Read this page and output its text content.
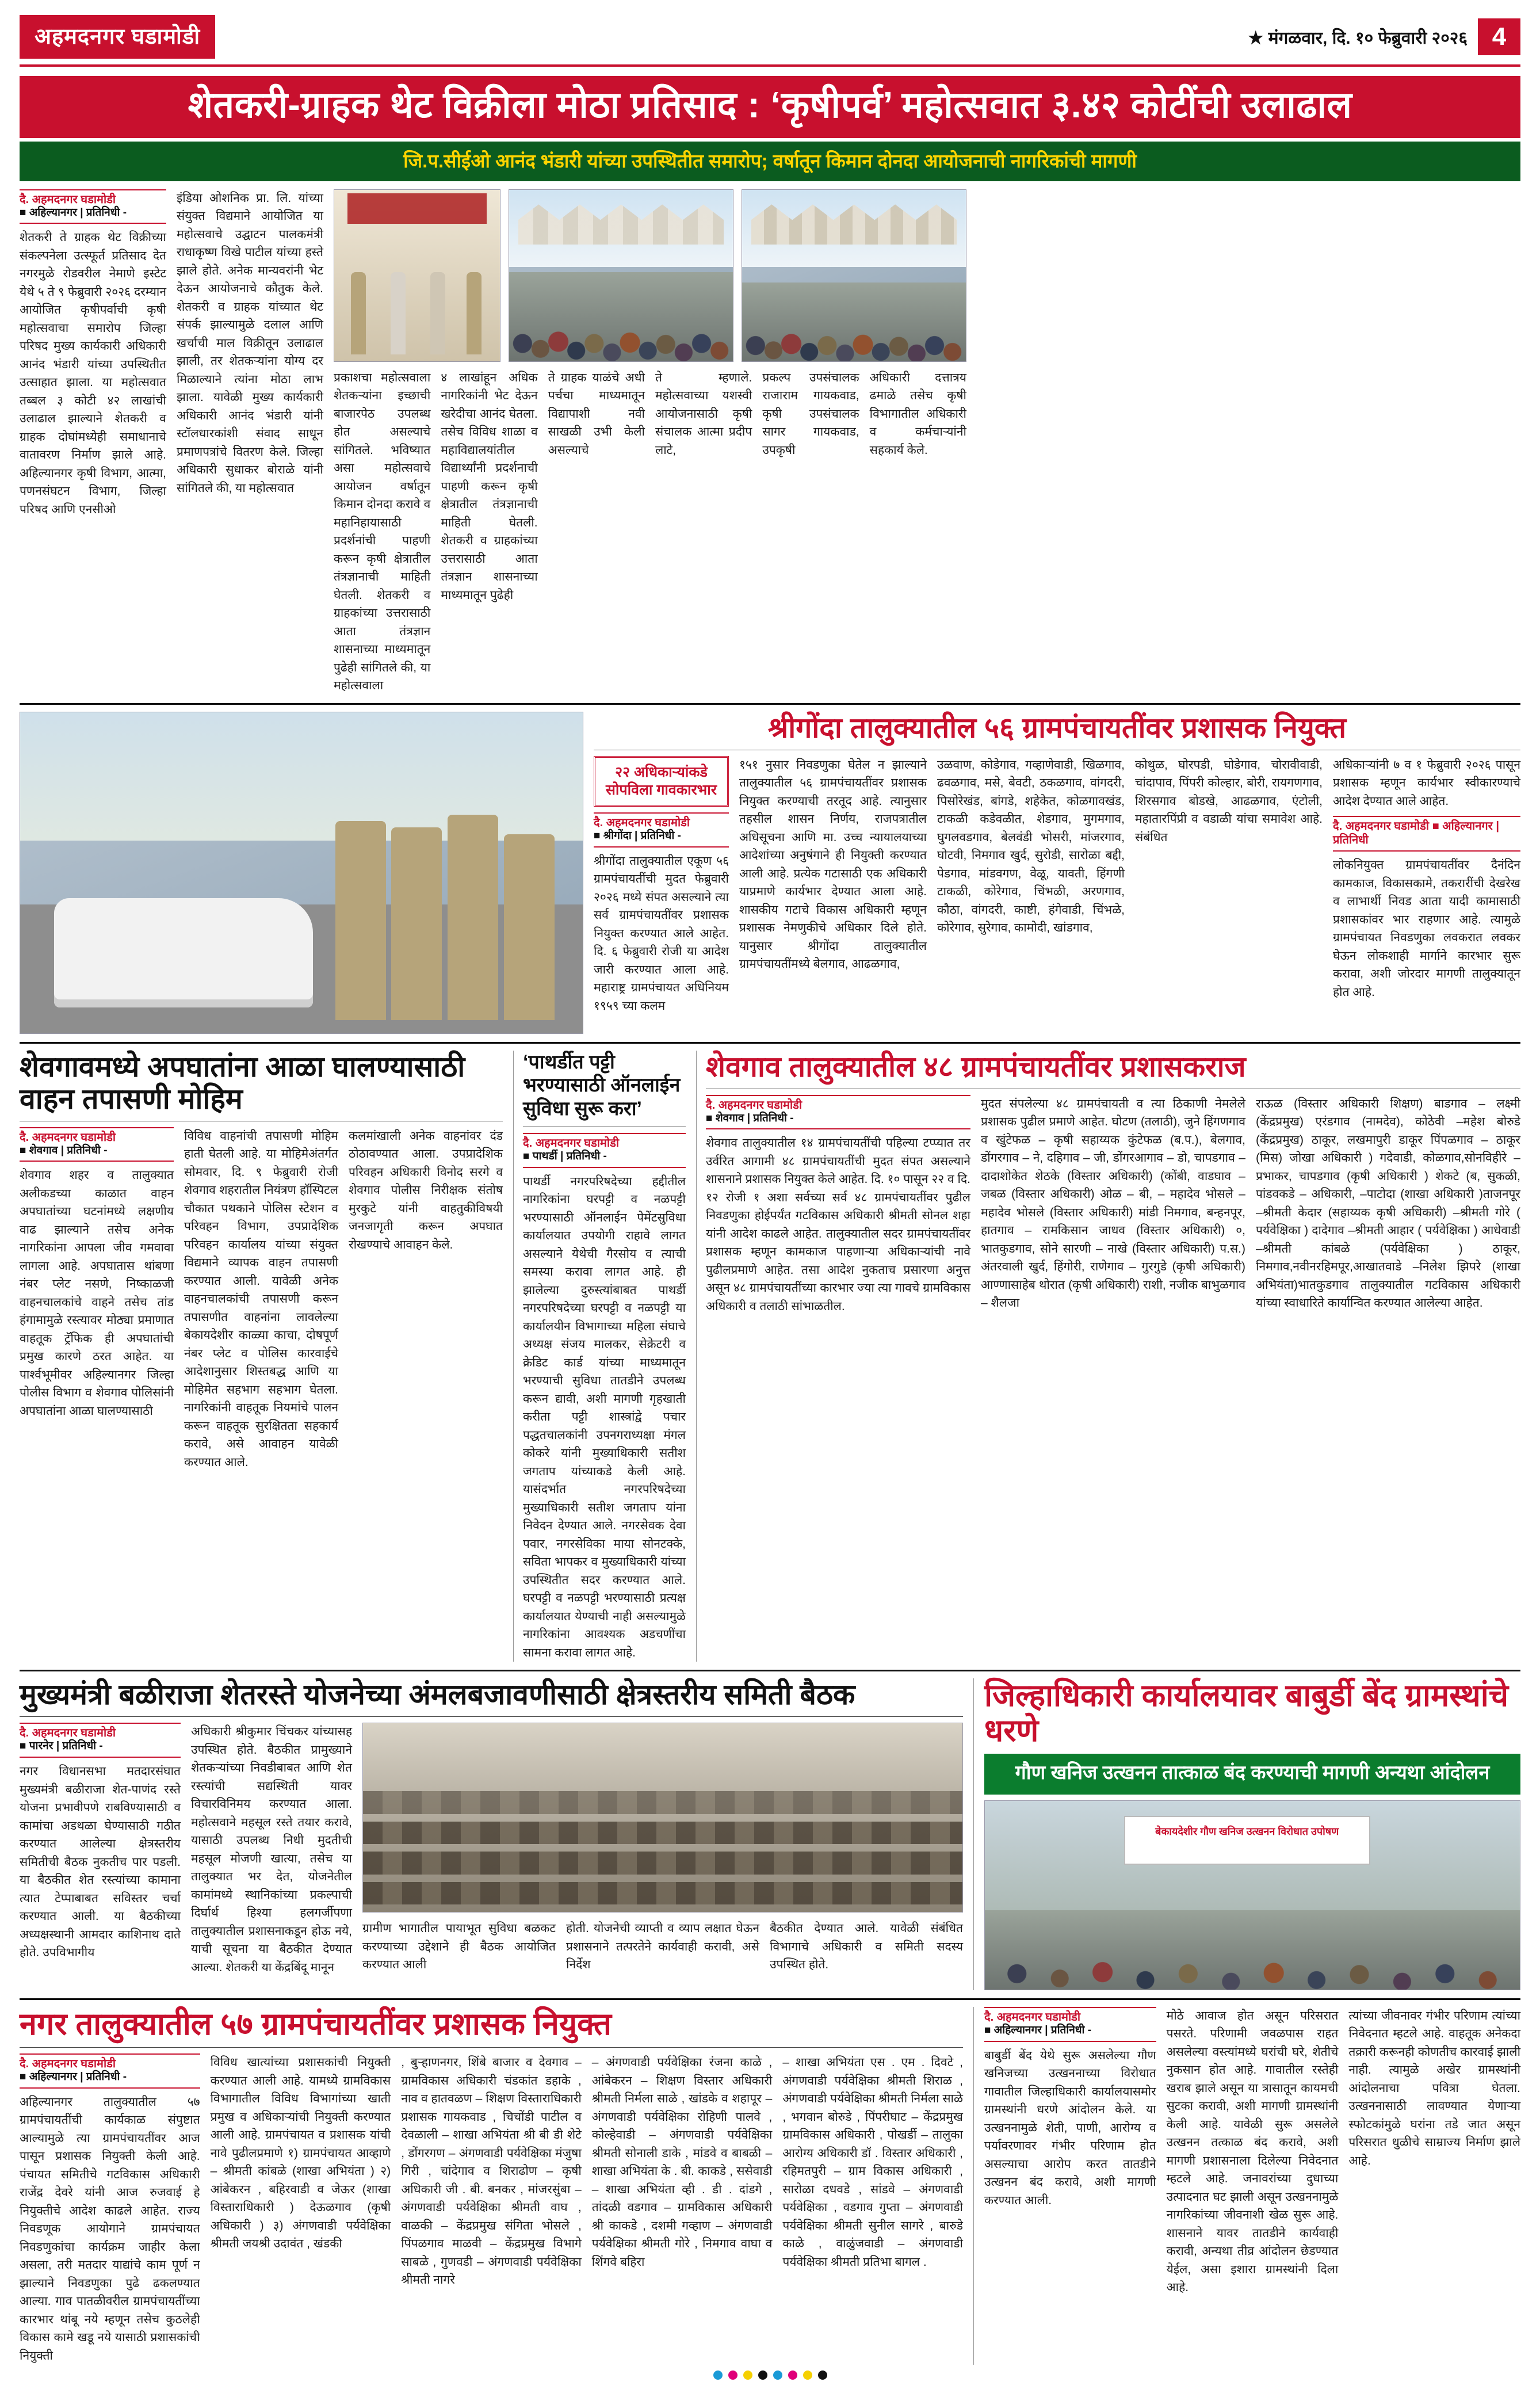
अहमदनगर घडामोडी	★ मंगळवार, दि. १० फेब्रुवारी २०२६ 4
शेतकरी-ग्राहक थेट विक्रीला मोठा प्रतिसाद : ‘कृषीपर्व’ महोत्सवात ३.४२ कोटींची उलाढाल
जि.प.सीईओ आनंद भंडारी यांच्या उपस्थितीत समारोप; वर्षातून किमान दोनदा आयोजनाची नागरिकांची मागणी
दै. अहमदनगर घडामोडी
■ अहिल्यानगर | प्रतिनिधी -
शेतकरी ते ग्राहक थेट विक्रीच्या संकल्पनेला उत्स्फूर्त प्रतिसाद देत नगरमुळे रोडवरील नेमाणे इस्टेट येथे ५ ते ९ फेब्रुवारी २०२६ दरम्यान आयोजित कृषीपर्वाची कृषी महोत्सवाचा समारोप जिल्हा परिषद मुख्य कार्यकारी अधिकारी आनंद भंडारी यांच्या उपस्थितीत उत्साहात झाला. या महोत्सवात तब्बल ३ कोटी ४२ लाखांची उलाढाल झाल्याने शेतकरी व ग्राहक दोघांमध्येही समाधानाचे वातावरण निर्माण झाले आहे. अहिल्यानगर कृषी विभाग, आत्मा, पणनसंघटन विभाग, जिल्हा परिषद आणि एनसीओ
इंडिया ओशनिक प्रा. लि. यांच्या संयुक्त विद्यमाने आयोजित या महोत्सवाचे उद्घाटन पालकमंत्री राधाकृष्ण विखे पाटील यांच्या हस्ते झाले होते. अनेक मान्यवरांनी भेट देऊन आयोजनाचे कौतुक केले. शेतकरी व ग्राहक यांच्यात थेट संपर्क झाल्यामुळे दलाल आणि खर्चाची माल विक्रीतून उलाढाल झाली, तर शेतकऱ्यांना योग्य दर मिळाल्याने त्यांना मोठा लाभ झाला. यावेळी मुख्य कार्यकारी अधिकारी आनंद भंडारी यांनी स्टॉलधारकांशी संवाद साधून प्रमाणपत्रांचे वितरण केले. जिल्हा अधिकारी सुधाकर बोराळे यांनी सांगितले की, या महोत्सवात
प्रकाशचा महोत्सवाला शेतकऱ्यांना इच्छाची बाजारपेठ उपलब्ध होत असल्याचे सांगितले. भविष्यात असा महोत्सवाचे आयोजन वर्षातून किमान दोनदा करावे व महानिहायासाठी प्रदर्शनांची पाहणी करून कृषी क्षेत्रातील तंत्रज्ञानाची माहिती घेतली. शेतकरी व ग्राहकांच्या उत्तरासाठी आता तंत्रज्ञान शासनाच्या माध्यमातून पुढेही सांगितले की, या महोत्सवाला
४ लाखांहून अधिक नागरिकांनी भेट देऊन खरेदीचा आनंद घेतला. तसेच विविध शाळा व महाविद्यालयांतील विद्यार्थ्यांनी प्रदर्शनाची पाहणी करून कृषी क्षेत्रातील तंत्रज्ञानाची माहिती घेतली. शेतकरी व ग्राहकांच्या उत्तरासाठी आता तंत्रज्ञान शासनाच्या माध्यमातून पुढेही
ते ग्राहक याळंचे अधी पर्चचा माध्यमातून विद्यापाशी नवी साखळी उभी केली असल्याचे
ते म्हणाले. महोत्सवाच्या यशस्वी आयोजनासाठी कृषी संचालक आत्मा प्रदीप लाटे,
प्रकल्प उपसंचालक राजाराम गायकवाड, कृषी उपसंचालक सागर गायकवाड, उपकृषी
अधिकारी दत्तात्रय ढमाळे तसेच कृषी विभागातील अधिकारी व कर्मचाऱ्यांनी सहकार्य केले.
श्रीगोंदा तालुक्यातील ५६ ग्रामपंचायतींवर प्रशासक नियुक्त
२२ अधिकाऱ्यांकडे सोपविला गावकारभार
दै. अहमदनगर घडामोडी
■ श्रीगोंदा | प्रतिनिधी -
श्रीगोंदा तालुक्यातील एकूण ५६ ग्रामपंचायतींची मुदत फेब्रुवारी २०२६ मध्ये संपत असल्याने त्या सर्व ग्रामपंचायतींवर प्रशासक नियुक्त करण्यात आले आहेत. दि. ६ फेब्रुवारी रोजी या आदेश जारी करण्यात आला आहे. महाराष्ट्र ग्रामपंचायत अधिनियम १९५९ च्या कलम
१५१ नुसार निवडणुका घेतेल न झाल्याने तालुक्यातील ५६ ग्रामपंचायतींवर प्रशासक नियुक्त करण्याची तरतूद आहे. त्यानुसार तहसील शासन निर्णय, राजपत्रातील अधिसूचना आणि मा. उच्च न्यायालयाच्या आदेशांच्या अनुषंगाने ही नियुक्ती करण्यात आली आहे. प्रत्येक गटासाठी एक अधिकारी याप्रमाणे कार्यभार देण्यात आला आहे. शासकीय गटाचे विकास अधिकारी म्हणून प्रशासक नेमणुकीचे अधिकार दिले होते. यानुसार श्रीगोंदा तालुक्यातील ग्रामपंचायतींमध्ये बेलगाव, आढळगाव,
उळवाण, कोडेगाव, गव्हाणेवाडी, खिळगाव, ढवळगाव, मसे, बेवटी, ठकळगाव, वांगदरी, पिसोरेखंड, बांगडे, शहेकेत, कोळगावखंड, टाकळी कडेवळीत, शेडगाव, मुगमगाव, घुगलवडगाव, बेलवंडी भोसरी, मांजरगाव, घोटवी, निमगाव खुर्द, सुरोडी, सारोळा बद्दी, पेडगाव, मांडवगण, वेळू, यावती, हिंगणी टाकळी, कोरेगाव, चिंभळी, अरणगाव, कौठा, वांगदरी, काष्टी, हंगेवाडी, चिंभळे, कोरेगाव, सुरेगाव, कामोदी, खांडगाव,
कोथुळ, घोरपडी, घोडेगाव, चोरावीवाडी, चांदापाव, पिंपरी कोल्हार, बोरी, रायगणगाव, शिरसगाव बोडखे, आढळगाव, एंटोली, महातारपिंप्री व वडाळी यांचा समावेश आहे. संबंधित
अधिकाऱ्यांनी ७ व १ फेब्रुवारी २०२६ पासून प्रशासक म्हणून कार्यभार स्वीकारण्याचे आदेश देण्यात आले आहेत.
दै. अहमदनगर घडामोडी ■ अहिल्यानगर | प्रतिनिधी
लोकनियुक्त ग्रामपंचायतींवर दैनंदिन कामकाज, विकासकामे, तकरारींची देखरेख व लाभार्थी निवड आता यादी कामासाठी प्रशासकांवर भार राहणार आहे. त्यामुळे ग्रामपंचायत निवडणुका लवकरात लवकर घेऊन लोकशाही मार्गाने कारभार सुरू करावा, अशी जोरदार मागणी तालुक्यातून होत आहे.
शेवगावमध्ये अपघातांना आळा घालण्यासाठी वाहन तपासणी मोहिम
दै. अहमदनगर घडामोडी
■ शेवगाव | प्रतिनिधी -
शेवगाव शहर व तालुक्यात अलीकडच्या काळात वाहन अपघातांच्या घटनांमध्ये लक्षणीय वाढ झाल्याने तसेच अनेक नागरिकांना आपला जीव गमवावा लागला आहे. अपघातास थांबणा नंबर प्लेट नसणे, निष्काळजी वाहनचालकांचे वाहने तसेच तांड हंगामामुळे रस्त्यावर मोठ्या प्रमाणात वाहतूक ट्रॅफिक ही अपघातांची प्रमुख कारणे ठरत आहेत. या पार्श्वभूमीवर अहिल्यानगर जिल्हा पोलीस विभाग व शेवगाव पोलिसांनी अपघातांना आळा घालण्यासाठी
विविध वाहनांची तपासणी मोहिम हाती घेतली आहे. या मोहिमेअंतर्गत सोमवार, दि. ९ फेब्रुवारी रोजी शेवगाव शहरातील नियंत्रण हॉस्पिटल चौकात पथकाने पोलिस स्टेशन व परिवहन विभाग, उपप्रादेशिक परिवहन कार्यालय यांच्या संयुक्त विद्यमाने व्यापक वाहन तपासणी करण्यात आली. यावेळी अनेक वाहनचालकांची तपासणी करून तपासणीत वाहनांना लावलेल्या बेकायदेशीर काळ्या काचा, दोषपूर्ण नंबर प्लेट व पोलिस कारवाईचे आदेशानुसार शिस्तबद्ध आणि या मोहिमेत सहभाग सहभाग घेतला. नागरिकांनी वाहतूक नियमांचे पालन करून वाहतूक सुरक्षितता सहकार्य करावे, असे आवाहन यावेळी करण्यात आले.
कलमांखाली अनेक वाहनांवर दंड ठोठावण्यात आला. उपप्रादेशिक परिवहन अधिकारी विनोद सरगे व शेवगाव पोलीस निरीक्षक संतोष मुरकुटे यांनी वाहतुकीविषयी जनजागृती करून अपघात रोखण्याचे आवाहन केले.
‘पाथर्डीत पट्टी भरण्यासाठी ऑनलाईन सुविधा सुरू करा’
दै. अहमदनगर घडामोडी
■ पाथर्डी | प्रतिनिधी -
पाथर्डी नगरपरिषदेच्या हद्दीतील नागरिकांना घरपट्टी व नळपट्टी भरण्यासाठी ऑनलाईन पेमेंटसुविधा कार्यालयात उपयोगी राहावे लागत असल्याने येथेची गैरसोय व त्याची समस्या करावा लागत आहे. ही झालेल्या दुरुस्त्यांबाबत पाथर्डी नगरपरिषदेच्या घरपट्टी व नळपट्टी या कार्यालयीन विभागाच्या महिला संघाचे अध्यक्ष संजय मालकर, सेक्रेटरी व क्रेडिट कार्ड यांच्या माध्यमातून भरण्याची सुविधा तातडीने उपलब्ध करून द्यावी, अशी मागणी गृहखाती करीता पट्टी शास्त्रांद्वे पचार पद्धतचालकांनी उपनगराध्यक्षा मंगल कोकरे यांनी मुख्याधिकारी सतीश जगताप यांच्याकडे केली आहे. यासंदर्भात नगरपरिषदेच्या मुख्याधिकारी सतीश जगताप यांना निवेदन देण्यात आले. नगरसेवक देवा पवार, नगरसेविका माया सोनटक्के, सविता भापकर व मुख्याधिकारी यांच्या उपस्थितीत सदर करण्यात आले. घरपट्टी व नळपट्टी भरण्यासाठी प्रत्यक्ष कार्यालयात येण्याची नाही असल्यामुळे नागरिकांना आवश्यक अडचणींचा सामना करावा लागत आहे.
शेवगाव तालुक्यातील ४८ ग्रामपंचायतींवर प्रशासकराज
दै. अहमदनगर घडामोडी
■ शेवगाव | प्रतिनिधी -
शेवगाव तालुक्यातील १४ ग्रामपंचायतींची पहिल्या टप्प्यात तर उर्वरित आगामी ४८ ग्रामपंचायतींची मुदत संपत असल्याने शासनाने प्रशासक नियुक्त केले आहेत. दि. १० पासून २२ व दि. १२ रोजी १ अशा सर्वच्या सर्व ४८ ग्रामपंचायतींवर पुढील निवडणुका होईपर्यंत गटविकास अधिकारी श्रीमती सोनल शहा यांनी आदेश काढले आहेत. तालुक्यातील सदर ग्रामपंचायतींवर प्रशासक म्हणून कामकाज पाहणाऱ्या अधिकाऱ्यांची नावे पुढीलप्रमाणे आहेत. तसा आदेश नुकताच प्रसारणा अनुत्त असून ४८ ग्रामपंचायतींच्या कारभार ज्या त्या गावचे ग्रामविकास अधिकारी व तलाठी सांभाळतील.
मुदत संपलेल्या ४८ ग्रामपंचायती व त्या ठिकाणी नेमलेले प्रशासक पुढील प्रमाणे आहेत. घोटण (तलाठी), जुने हिंगणगाव व खुंटेफळ – कृषी सहाय्यक कुंटेफळ (ब.प.), बेलगाव, डोंगरगाव – ने, दहिगाव – जी, डोंगरआगाव – डो, चापडगाव – दादाशोकेत शेठके (विस्तार अधिकारी) (कोंबी, वाडघाव – जबळ (विस्तार अधिकारी) ओळ – बी, – महादेव भोसले – महादेव भोसले (विस्तार अधिकारी) मांडी निमगाव, बन्हनपूर, हातगाव – रामकिसान जाधव (विस्तार अधिकारी) ०, भातकुडगाव, सोने सारणी – नाखे (विस्तार अधिकारी) प.स.) अंतरवाली खुर्द, हिंगोरी, राणेगाव – गुरगुडे (कृषी अधिकारी) आण्णासाहेब थोरात (कृषी अधिकारी) राशी, नजीक बाभुळगाव – शैलजा
राऊळ (विस्तार अधिकारी शिक्षण) बाडगाव – लक्ष्मी (केंद्रप्रमुख) एरंडगाव (नामदेव), कोठेवी –महेश बोरुडे (केंद्रप्रमुख) ठाकूर, लखमापुरी डाकूर पिंपळगाव – ठाकूर (मिस) जोखा अधिकारी ) गदेवाडी, कोळगाव,सोनविहीरे – प्रभाकर, चापडगाव (कृषी अधिकारी ) शेकटे (ब, सुकळी, पांडवकडे – अधिकारी, –पाटोदा (शाखा अधिकारी )ताजनपूर –श्रीमती केदार (सहाय्यक कृषी अधिकारी) –श्रीमती गोरे ( पर्यवेक्षिका ) दादेगाव –श्रीमती आहार ( पर्यवेक्षिका ) आधेवाडी –श्रीमती कांबळे (पर्यवेक्षिका ) ठाकूर, निमगाव,नवीनरहिमपूर,आखातवाडे –निलेश झिपरे (शाखा अभियंता)भातकुडगाव तालुक्यातील गटविकास अधिकारी यांच्या स्वाधारिते कार्यान्वित करण्यात आलेल्या आहेत.
मुख्यमंत्री बळीराजा शेतरस्ते योजनेच्या अंमलबजावणीसाठी क्षेत्रस्तरीय समिती बैठक
दै. अहमदनगर घडामोडी
■ पारनेर | प्रतिनिधी -
नगर विधानसभा मतदारसंघात मुख्यमंत्री बळीराजा शेत-पाणंद रस्ते योजना प्रभावीपणे राबविण्यासाठी व कामांचा अडथळा घेण्यासाठी गठीत करण्यात आलेल्या क्षेत्रस्तरीय समितीची बैठक नुकतीच पार पडली. या बैठकीत शेत रस्त्यांच्या कामाना त्यात टेप्पाबाबत सविस्तर चर्चा करण्यात आली. या बैठकीच्या अध्यक्षस्थानी आमदार काशिनाथ दाते होते. उपविभागीय
अधिकारी श्रीकुमार चिंचकर यांच्यासह उपस्थित होते. बैठकीत प्रामुख्याने शेतकऱ्यांच्या निवडीबाबत आणि शेत रस्त्यांची सद्यस्थिती यावर विचारविनिमय करण्यात आला. महोत्सवाने महसूल रस्ते तयार करावे, यासाठी उपलब्ध निधी मुदतीची महसूल मोजणी खात्या, तसेच या तालुक्यात भर देत, योजनेतील कामांमध्ये स्थानिकांच्या प्रकल्पाची दिर्घार्थ हिश्या हलगर्जीपणा तालुक्यातील प्रशासनाकडून होऊ नये, याची सूचना या बैठकीत देण्यात आल्या. शेतकरी या केंद्रबिंदू मानून
ग्रामीण भागातील पायाभूत सुविधा बळकट करण्याच्या उद्देशाने ही बैठक आयोजित करण्यात आली
होती. योजनेची व्याप्ती व व्याप लक्षात घेऊन प्रशासनाने तत्परतेने कार्यवाही करावी, असे निर्देश
बैठकीत देण्यात आले. यावेळी संबंधित विभागाचे अधिकारी व समिती सदस्य उपस्थित होते.
जिल्हाधिकारी कार्यालयावर बाबुर्डी बेंद ग्रामस्थांचे धरणे
गौण खनिज उत्खनन तात्काळ बंद करण्याची मागणी अन्यथा आंदोलन
बेकायदेशीर गौण खनिज उत्खनन विरोधात उपोषण
नगर तालुक्यातील ५७ ग्रामपंचायतींवर प्रशासक नियुक्त
दै. अहमदनगर घडामोडी
■ अहिल्यानगर | प्रतिनिधी -
अहिल्यानगर तालुक्यातील ५७ ग्रामपंचायतींची कार्यकाळ संपुष्टात आल्यामुळे त्या ग्रामपंचायतींवर आज पासून प्रशासक नियुक्ती केली आहे. पंचायत समितीचे गटविकास अधिकारी राजेंद्र देवरे यांनी आज रुजवाई हे नियुक्तीचे आदेश काढले आहेत. राज्य निवडणूक आयोगाने ग्रामपंचायत निवडणुकांचा कार्यक्रम जाहीर केला असला, तरी मतदार याद्यांचे काम पूर्ण न झाल्याने निवडणुका पुढे ढकलण्यात आल्या. गाव पातळीवरील ग्रामपंचायतींच्या कारभार थांबू नये म्हणून तसेच कुठलेही विकास कामे खडू नये यासाठी प्रशासकांची नियुक्ती
विविध खात्यांच्या प्रशासकांची नियुक्ती करण्यात आली आहे. यामध्ये ग्रामविकास विभागातील विविध विभागांच्या खाती प्रमुख व अधिकाऱ्यांची नियुक्ती करण्यात आली आहे. ग्रामपंचायत व प्रशासक यांची नावे पुढीलप्रमाणे १) ग्रामपंचायत आव्हाणे – श्रीमती कांबळे (शाखा अभियंता ) २) आंबेकरन , बहिरवाडी व जेऊर (शाखा विस्ताराधिकारी ) देऊळगाव (कृषी अधिकारी ) ३) अंगणवाडी पर्यवेक्षिका श्रीमती जयश्री उदावंत , खंडकी
, बुऱ्हाणनगर, शिंबे बाजार व देवगाव – ग्रामविकास अधिकारी चंडकांत डहाके , नाव व हातवळण – शिक्षण विस्ताराधिकारी प्रशासक गायकवाड , चिचोंडी पाटील व देवळाली – शाखा अभियंता श्री बी डी शेटे , डोंगरगण – अंगणवाडी पर्यवेक्षिका मंजुषा गिरी , चांदेगाव व शिराढोण – कृषी अधिकारी जी . बी. बनकर , मांजरसुंबा – अंगणवाडी पर्यवेक्षिका श्रीमती वाघ , वाळकी – केंद्रप्रमुख संगिता भोसले , पिंपळगाव माळवी – केंद्रप्रमुख विभागे साबळे , गुणवडी – अंगणवाडी पर्यवेक्षिका श्रीमती नागरे
– अंगणवाडी पर्यवेक्षिका रंजना काळे , आंबेकरन – शिक्षण विस्तार अधिकारी श्रीमती निर्मला साळे , खांडके व शहापूर – अंगणवाडी पर्यवेक्षिका रोहिणी पालवे , कोल्हेवाडी – अंगणवाडी पर्यवेक्षिका श्रीमती सोनाली डाके , मांडवे व बाबळी – शाखा अभियंता के . बी. काकडे , ससेवाडी – शाखा अभियंता व्ही . डी . दांडगे , तांदळी वडगाव – ग्रामविकास अधिकारी श्री काकडे , दशमी गव्हाण – अंगणवाडी पर्यवेक्षिका श्रीमती गोरे , निमगाव वाघा व शिंगवे बहिरा
– शाखा अभियंता एस . एम . दिवटे , अंगणवाडी पर्यवेक्षिका श्रीमती शिराळ , अंगणवाडी पर्यवेक्षिका श्रीमती निर्मला साळे , भगवान बोरुडे , पिंपरीघाट – केंद्रप्रमुख ग्रामविकास अधिकारी , पोखर्डी – तालुका आरोग्य अधिकारी डॉ . विस्तार अधिकारी , रहिमतपुरी – ग्राम विकास अधिकारी , सारोळा दधवडे , सांडवे – अंगणवाडी पर्यवेक्षिका , वडगाव गुप्ता – अंगणवाडी पर्यवेक्षिका श्रीमती सुनील सागरे , बारुडे काळे , वाळुंजवाडी – अंगणवाडी पर्यवेक्षिका श्रीमती प्रतिभा बागल .
दै. अहमदनगर घडामोडी
■ अहिल्यानगर | प्रतिनिधी -
बाबुर्डी बेंद येथे सुरू असलेल्या गौण खनिजच्या उत्खननाच्या विरोधात गावातील जिल्हाधिकारी कार्यालयासमोर ग्रामस्थांनी धरणे आंदोलन केले. या उत्खननामुळे शेती, पाणी, आरोग्य व पर्यावरणावर गंभीर परिणाम होत असल्याचा आरोप करत तातडीने उत्खनन बंद करावे, अशी मागणी करण्यात आली.
मोठे आवाज होत असून परिसरात पसरते. परिणामी जवळपास राहत असलेल्या वस्त्यांमध्ये घरांची घरे, शेतीचे नुकसान होत आहे. गावातील रस्तेही खराब झाले असून या त्रासातून कायमची सुटका करावी, अशी मागणी ग्रामस्थांनी केली आहे. यावेळी सुरू असलेले उत्खनन तत्काळ बंद करावे, अशी मागणी प्रशासनाला दिलेल्या निवेदनात म्हटले आहे. जनावरांच्या दुधाच्या उत्पादनात घट झाली असून उत्खननामुळे नागरिकांच्या जीवनाशी खेळ सुरू आहे. शासनाने यावर तातडीने कार्यवाही करावी, अन्यथा तीव्र आंदोलन छेडण्यात येईल, असा इशारा ग्रामस्थांनी दिला आहे.
त्यांच्या जीवनावर गंभीर परिणाम त्यांच्या निवेदनात म्हटले आहे. वाहतूक अनेकदा तक्रारी करूनही कोणतीच कारवाई झाली नाही. त्यामुळे अखेर ग्रामस्थांनी आंदोलनाचा पवित्रा घेतला. उत्खननासाठी लावण्यात येणाऱ्या स्फोटकांमुळे घरांना तडे जात असून परिसरात धुळीचे साम्राज्य निर्माण झाले आहे.
